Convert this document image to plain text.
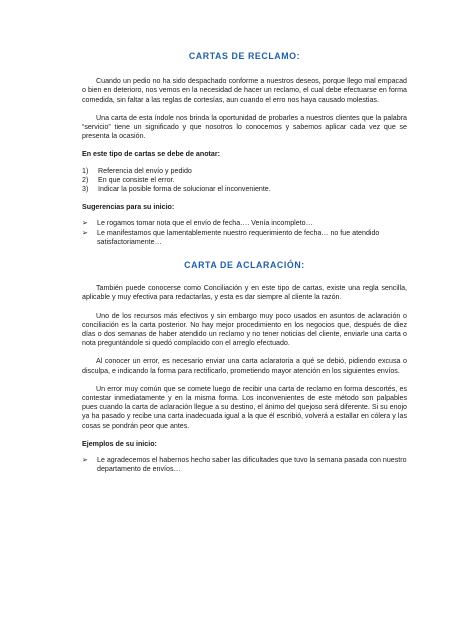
CARTAS DE RECLAMO:

Cuando un pedio no ha sido despachado conforme a nuestros deseos, porque llego mal empacad o bien en deterioro, nos vemos en la necesidad de hacer un reclamo, el cual debe efectuarse en forma comedida, sin faltar a las reglas de cortesías, aun cuando el erro nos haya causado molestias.

Una carta de esta índole nos brinda la oportunidad de probarles a nuestros clientes que la palabra “servicio” tiene un significado y que nosotros lo conocemos y sabemos aplicar cada vez que se presenta la ocasión.

En este tipo de cartas se debe de anotar:

1)	Referencia del envío y pedido
2)	En que consiste el error.
3)	Indicar la posible forma de solucionar el inconveniente.

Sugerencias para su inicio:

➢	Le rogamos tomar nota que el envío de fecha…. Venía incompleto…
➢	Le manifestamos que lamentablemente nuestro requerimiento de fecha… no fue atendido satisfactoriamente…
CARTA DE ACLARACIÓN:

También puede conocerse como Conciliación y en este tipo de cartas, existe una regla sencilla, aplicable y muy efectiva para redactarlas, y esta es dar siempre al cliente la razón.

Uno de los recursos más efectivos y sin embargo muy poco usados en asuntos de aclaración o conciliación es la carta posterior. No hay mejor procedimiento en los negocios que, después de diez días o dos semanas de haber atendido un reclamo y no tener noticias del cliente, enviarle una carta o nota preguntándole si quedó complacido con el arreglo efectuado.

Al conocer un error, es necesario enviar una carta aclaratoria a qué se debió, pidiendo excusa o disculpa, e indicando la forma para rectificarlo, prometiendo mayor atención en los siguientes envíos.

Un error muy común que se comete luego de recibir una carta de reclamo en forma descortés, es contestar inmediatamente y en la misma forma. Los inconvenientes de este método son palpables pues cuando la carta de aclaración llegue a su destino, el ánimo del quejoso será diferente. Si su enojo ya ha pasado y recibe una carta inadecuada igual a la que él escribió, volverá a estallar en cólera y las cosas se pondrán peor que antes.

Ejemplos de su inicio:

➢	Le agradecemos el habernos hecho saber las dificultades que tuvo la semana pasada con nuestro departamento de envíos…
